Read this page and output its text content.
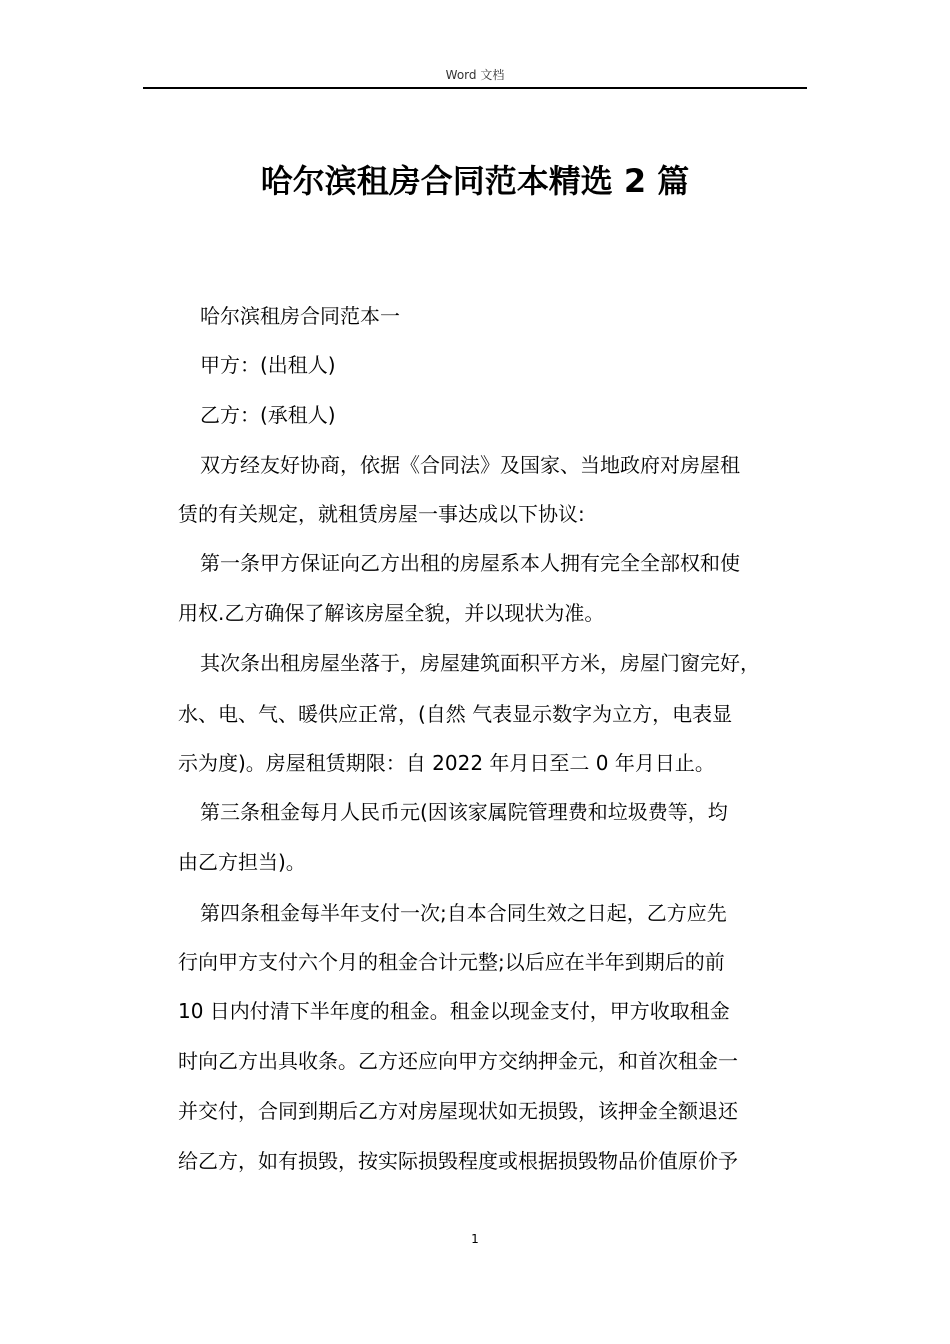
Word 文档
哈尔滨租房合同范本精选 2 篇
哈尔滨租房合同范本一
甲方：(出租人)
乙方：(承租人)
双方经友好协商，依据《合同法》及国家、当地政府对房屋租
赁的有关规定，就租赁房屋一事达成以下协议:
第一条甲方保证向乙方出租的房屋系本人拥有完全全部权和使
用权.乙方确保了解该房屋全貌，并以现状为准。
其次条出租房屋坐落于，房屋建筑面积平方米，房屋门窗完好，
水、电、气、暖供应正常，(自然 气表显示数字为立方，电表显
示为度)。房屋租赁期限：自 2022 年月日至二 0 年月日止。
第三条租金每月人民币元(因该家属院管理费和垃圾费等，均
由乙方担当)。
第四条租金每半年支付一次;自本合同生效之日起，乙方应先
行向甲方支付六个月的租金合计元整;以后应在半年到期后的前
10 日内付清下半年度的租金。租金以现金支付，甲方收取租金
时向乙方出具收条。乙方还应向甲方交纳押金元，和首次租金一
并交付，合同到期后乙方对房屋现状如无损毁，该押金全额退还
给乙方，如有损毁，按实际损毁程度或根据损毁物品价值原价予
1
